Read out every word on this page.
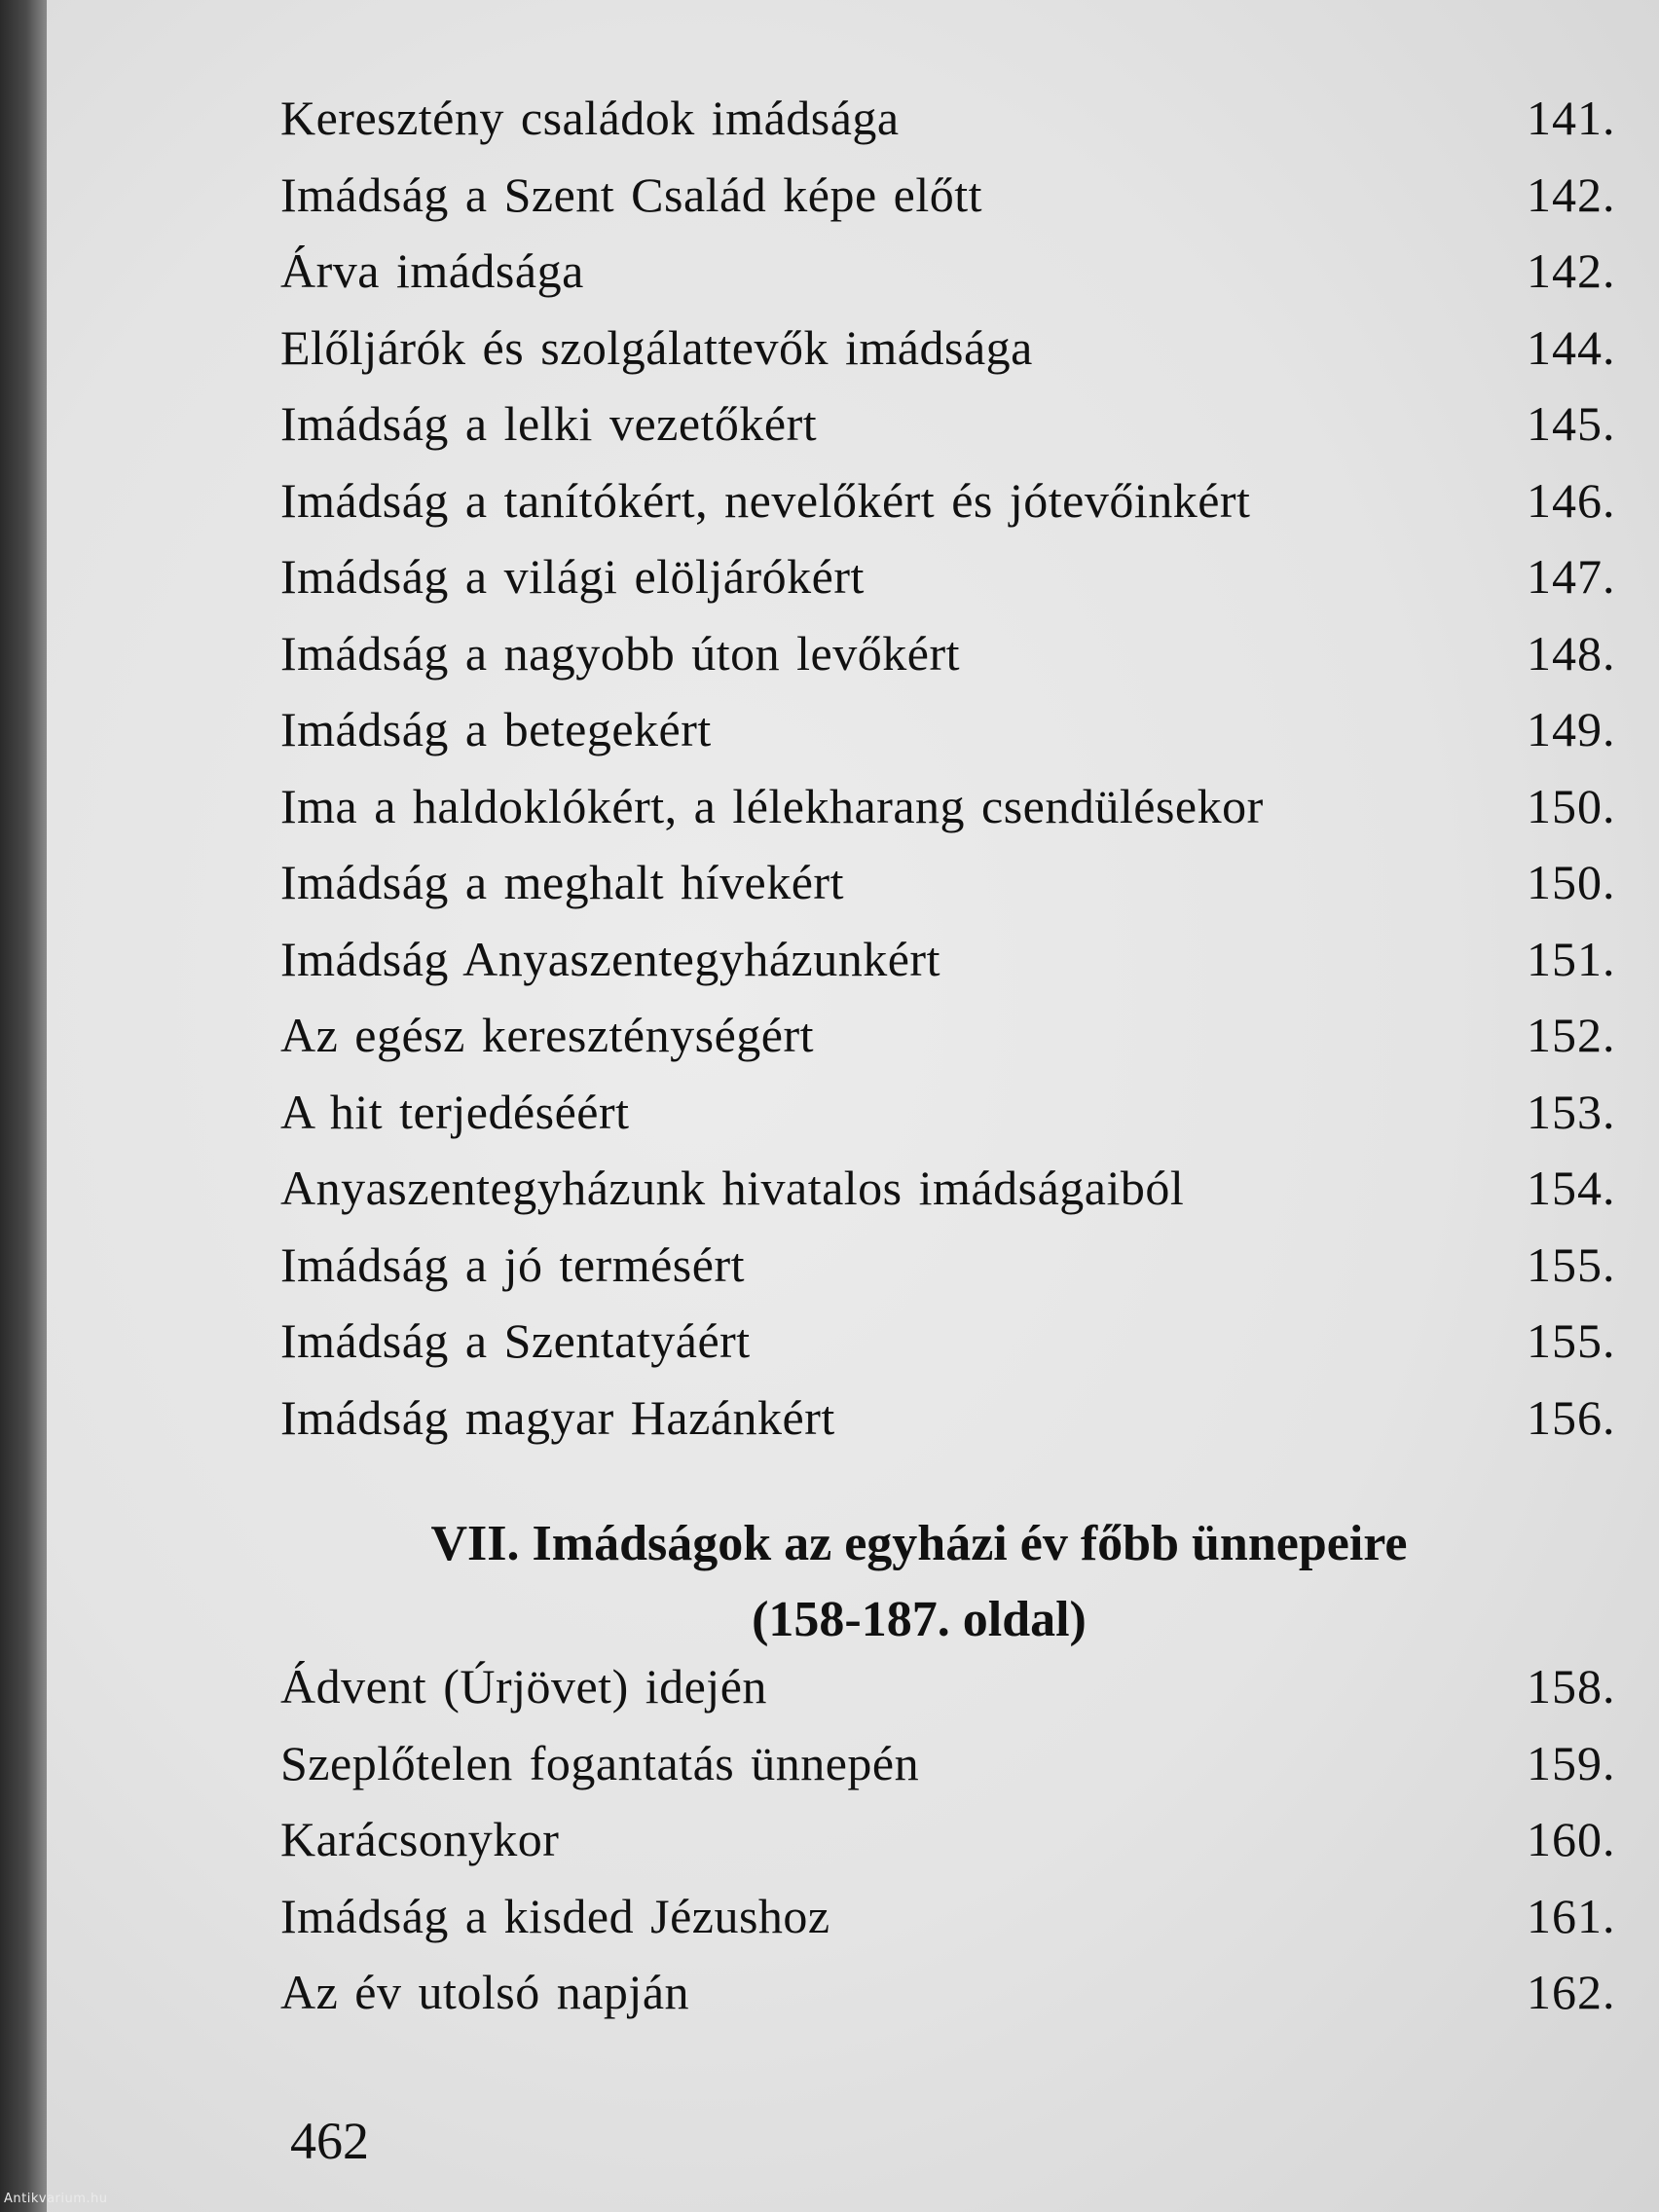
Keresztény családok imádsága	141.
Imádság a Szent Család képe előtt	142.
Árva imádsága	142.
Előljárók és szolgálattevők imádsága	144.
Imádság a lelki vezetőkért	145.
Imádság a tanítókért, nevelőkért és jótevőinkért	146.
Imádság a világi elöljárókért	147.
Imádság a nagyobb úton levőkért	148.
Imádság a betegekért	149.
Ima a haldoklókért, a lélekharang csendülésekor	150.
Imádság a meghalt hívekért	150.
Imádság Anyaszentegyházunkért	151.
Az egész kereszténységért	152.
A hit terjedéséért	153.
Anyaszentegyházunk hivatalos imádságaiból	154.
Imádság a jó termésért	155.
Imádság a Szentatyáért	155.
Imádság magyar Hazánkért	156.
VII. Imádságok az egyházi év főbb ünnepeire
(158-187. oldal)
Ádvent (Úrjövet) idején	158.
Szeplőtelen fogantatás ünnepén	159.
Karácsonykor	160.
Imádság a kisded Jézushoz	161.
Az év utolsó napján	162.
462
Antikvarium.hu
